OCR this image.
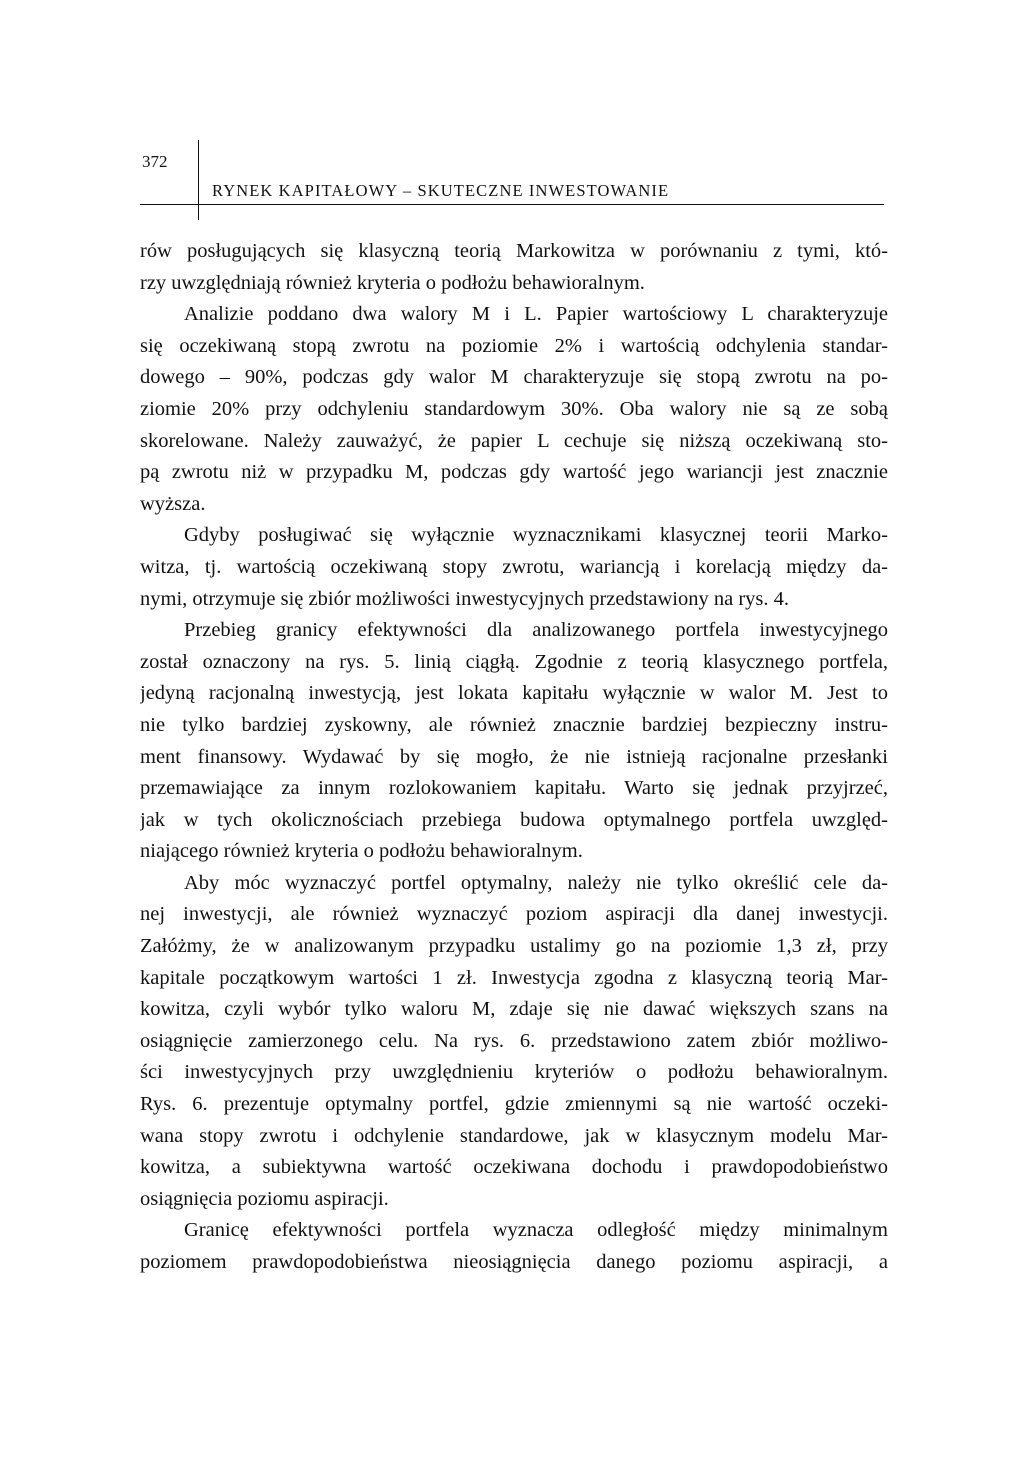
372
RYNEK KAPITAŁOWY – SKUTECZNE INWESTOWANIE
rów posługujących się klasyczną teorią Markowitza w porównaniu z tymi, któ-
rzy uwzględniają również kryteria o podłożu behawioralnym.
Analizie poddano dwa walory M i L. Papier wartościowy L charakteryzuje
się oczekiwaną stopą zwrotu na poziomie 2% i wartością odchylenia standar-
dowego – 90%, podczas gdy walor M charakteryzuje się stopą zwrotu na po-
ziomie 20% przy odchyleniu standardowym 30%. Oba walory nie są ze sobą
skorelowane. Należy zauważyć, że papier L cechuje się niższą oczekiwaną sto-
pą zwrotu niż w przypadku M, podczas gdy wartość jego wariancji jest znacznie
wyższa.
Gdyby posługiwać się wyłącznie wyznacznikami klasycznej teorii Marko-
witza, tj. wartością oczekiwaną stopy zwrotu, wariancją i korelacją między da-
nymi, otrzymuje się zbiór możliwości inwestycyjnych przedstawiony na rys. 4.
Przebieg granicy efektywności dla analizowanego portfela inwestycyjnego
został oznaczony na rys. 5. linią ciągłą. Zgodnie z teorią klasycznego portfela,
jedyną racjonalną inwestycją, jest lokata kapitału wyłącznie w walor M. Jest to
nie tylko bardziej zyskowny, ale również znacznie bardziej bezpieczny instru-
ment finansowy. Wydawać by się mogło, że nie istnieją racjonalne przesłanki
przemawiające za innym rozlokowaniem kapitału. Warto się jednak przyjrzeć,
jak w tych okolicznościach przebiega budowa optymalnego portfela uwzględ-
niającego również kryteria o podłożu behawioralnym.
Aby móc wyznaczyć portfel optymalny, należy nie tylko określić cele da-
nej inwestycji, ale również wyznaczyć poziom aspiracji dla danej inwestycji.
Załóżmy, że w analizowanym przypadku ustalimy go na poziomie 1,3 zł, przy
kapitale początkowym wartości 1 zł. Inwestycja zgodna z klasyczną teorią Mar-
kowitza, czyli wybór tylko waloru M, zdaje się nie dawać większych szans na
osiągnięcie zamierzonego celu. Na rys. 6. przedstawiono zatem zbiór możliwo-
ści inwestycyjnych przy uwzględnieniu kryteriów o podłożu behawioralnym.
Rys. 6. prezentuje optymalny portfel, gdzie zmiennymi są nie wartość oczeki-
wana stopy zwrotu i odchylenie standardowe, jak w klasycznym modelu Mar-
kowitza, a subiektywna wartość oczekiwana dochodu i prawdopodobieństwo
osiągnięcia poziomu aspiracji.
Granicę efektywności portfela wyznacza odległość między minimalnym
poziomem prawdopodobieństwa nieosiągnięcia danego poziomu aspiracji, a
